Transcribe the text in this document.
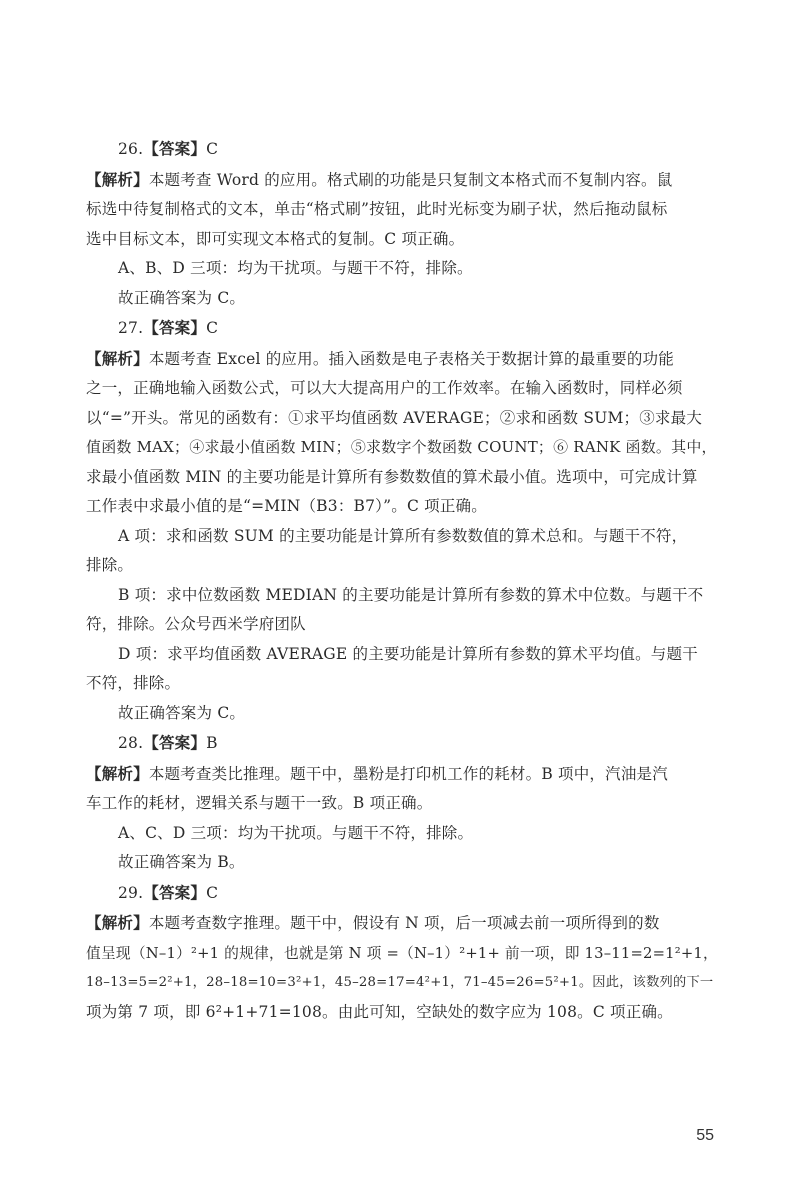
26.【答案】C

【解析】本题考查 Word 的应用。格式刷的功能是只复制文本格式而不复制内容。鼠
标选中待复制格式的文本，单击“格式刷”按钮，此时光标变为刷子状，然后拖动鼠标
选中目标文本，即可实现文本格式的复制。C 项正确。

A、B、D 三项：均为干扰项。与题干不符，排除。

故正确答案为 C。

27.【答案】C

【解析】本题考查 Excel 的应用。插入函数是电子表格关于数据计算的最重要的功能
之一，正确地输入函数公式，可以大大提高用户的工作效率。在输入函数时，同样必须
以“=”开头。常见的函数有：①求平均值函数 AVERAGE；②求和函数 SUM；③求最大
值函数 MAX；④求最小值函数 MIN；⑤求数字个数函数 COUNT；⑥ RANK 函数。其中，
求最小值函数 MIN 的主要功能是计算所有参数数值的算术最小值。选项中，可完成计算
工作表中求最小值的是“=MIN（B3：B7）”。C 项正确。

A 项：求和函数 SUM 的主要功能是计算所有参数数值的算术总和。与题干不符，
排除。

B 项：求中位数函数 MEDIAN 的主要功能是计算所有参数的算术中位数。与题干不
符，排除。公众号西米学府团队

D 项：求平均值函数 AVERAGE 的主要功能是计算所有参数的算术平均值。与题干
不符，排除。

故正确答案为 C。

28.【答案】B

【解析】本题考查类比推理。题干中，墨粉是打印机工作的耗材。B 项中，汽油是汽
车工作的耗材，逻辑关系与题干一致。B 项正确。

A、C、D 三项：均为干扰项。与题干不符，排除。

故正确答案为 B。

29.【答案】C

【解析】本题考查数字推理。题干中，假设有 N 项，后一项减去前一项所得到的数
值呈现（N–1）²+1 的规律，也就是第 N 项 =（N–1）²+1+ 前一项，即 13–11=2=1²+1，
18–13=5=2²+1，28–18=10=3²+1，45–28=17=4²+1，71–45=26=5²+1。因此，该数列的下一
项为第 7 项，即 6²+1+71=108。由此可知，空缺处的数字应为 108。C 项正确。

55
